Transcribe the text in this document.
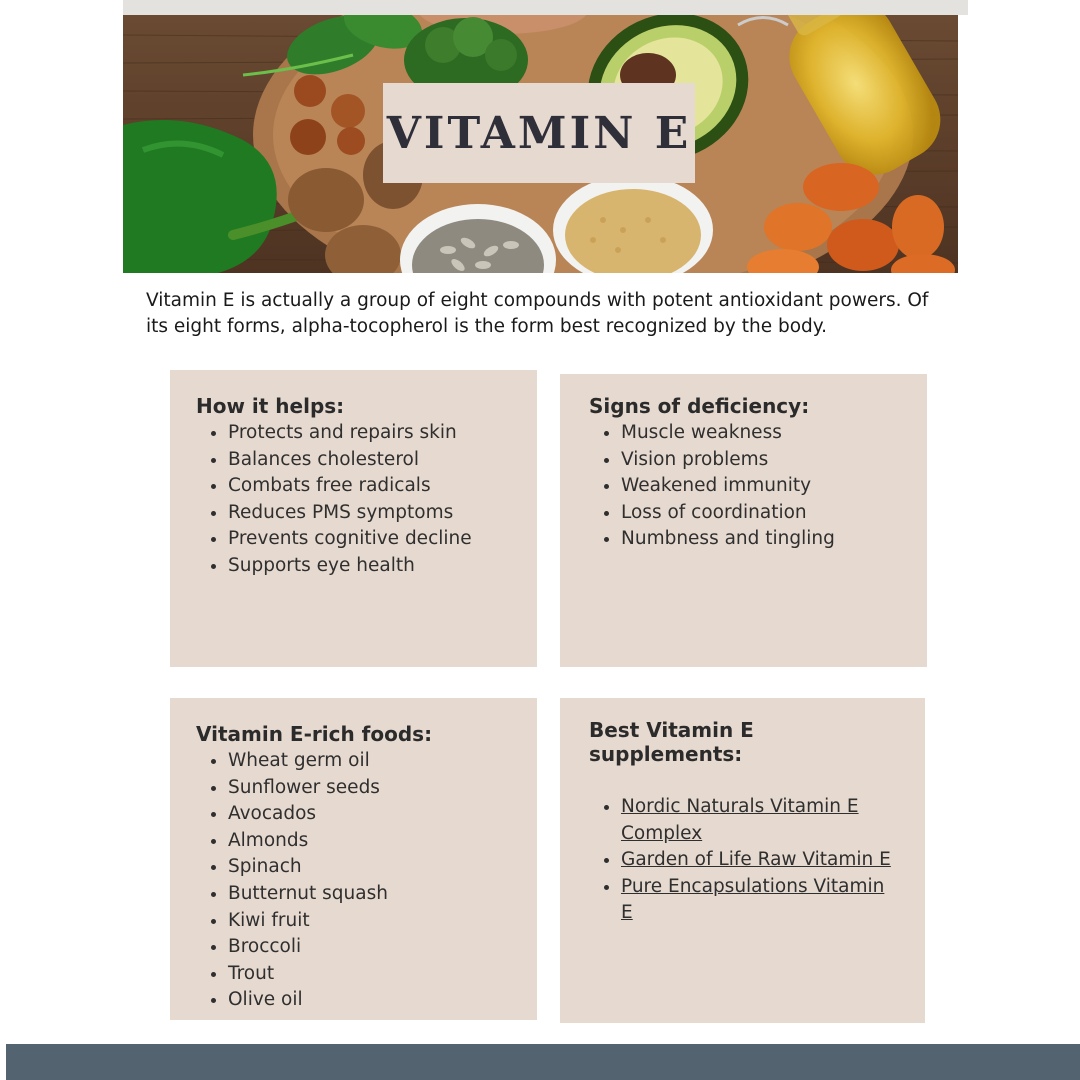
VITAMIN E

Vitamin E is actually a group of eight compounds with potent antioxidant powers. Of its eight forms, alpha-tocopherol is the form best recognized by the body.

How it helps:
• Protects and repairs skin
• Balances cholesterol
• Combats free radicals
• Reduces PMS symptoms
• Prevents cognitive decline
• Supports eye health
Signs of deficiency:
• Muscle weakness
• Vision problems
• Weakened immunity
• Loss of coordination
• Numbness and tingling
Vitamin E-rich foods:
• Wheat germ oil
• Sunflower seeds
• Avocados
• Almonds
• Spinach
• Butternut squash
• Kiwi fruit
• Broccoli
• Trout
• Olive oil
Best Vitamin E supplements:
• Nordic Naturals Vitamin E Complex
• Garden of Life Raw Vitamin E
• Pure Encapsulations Vitamin E
